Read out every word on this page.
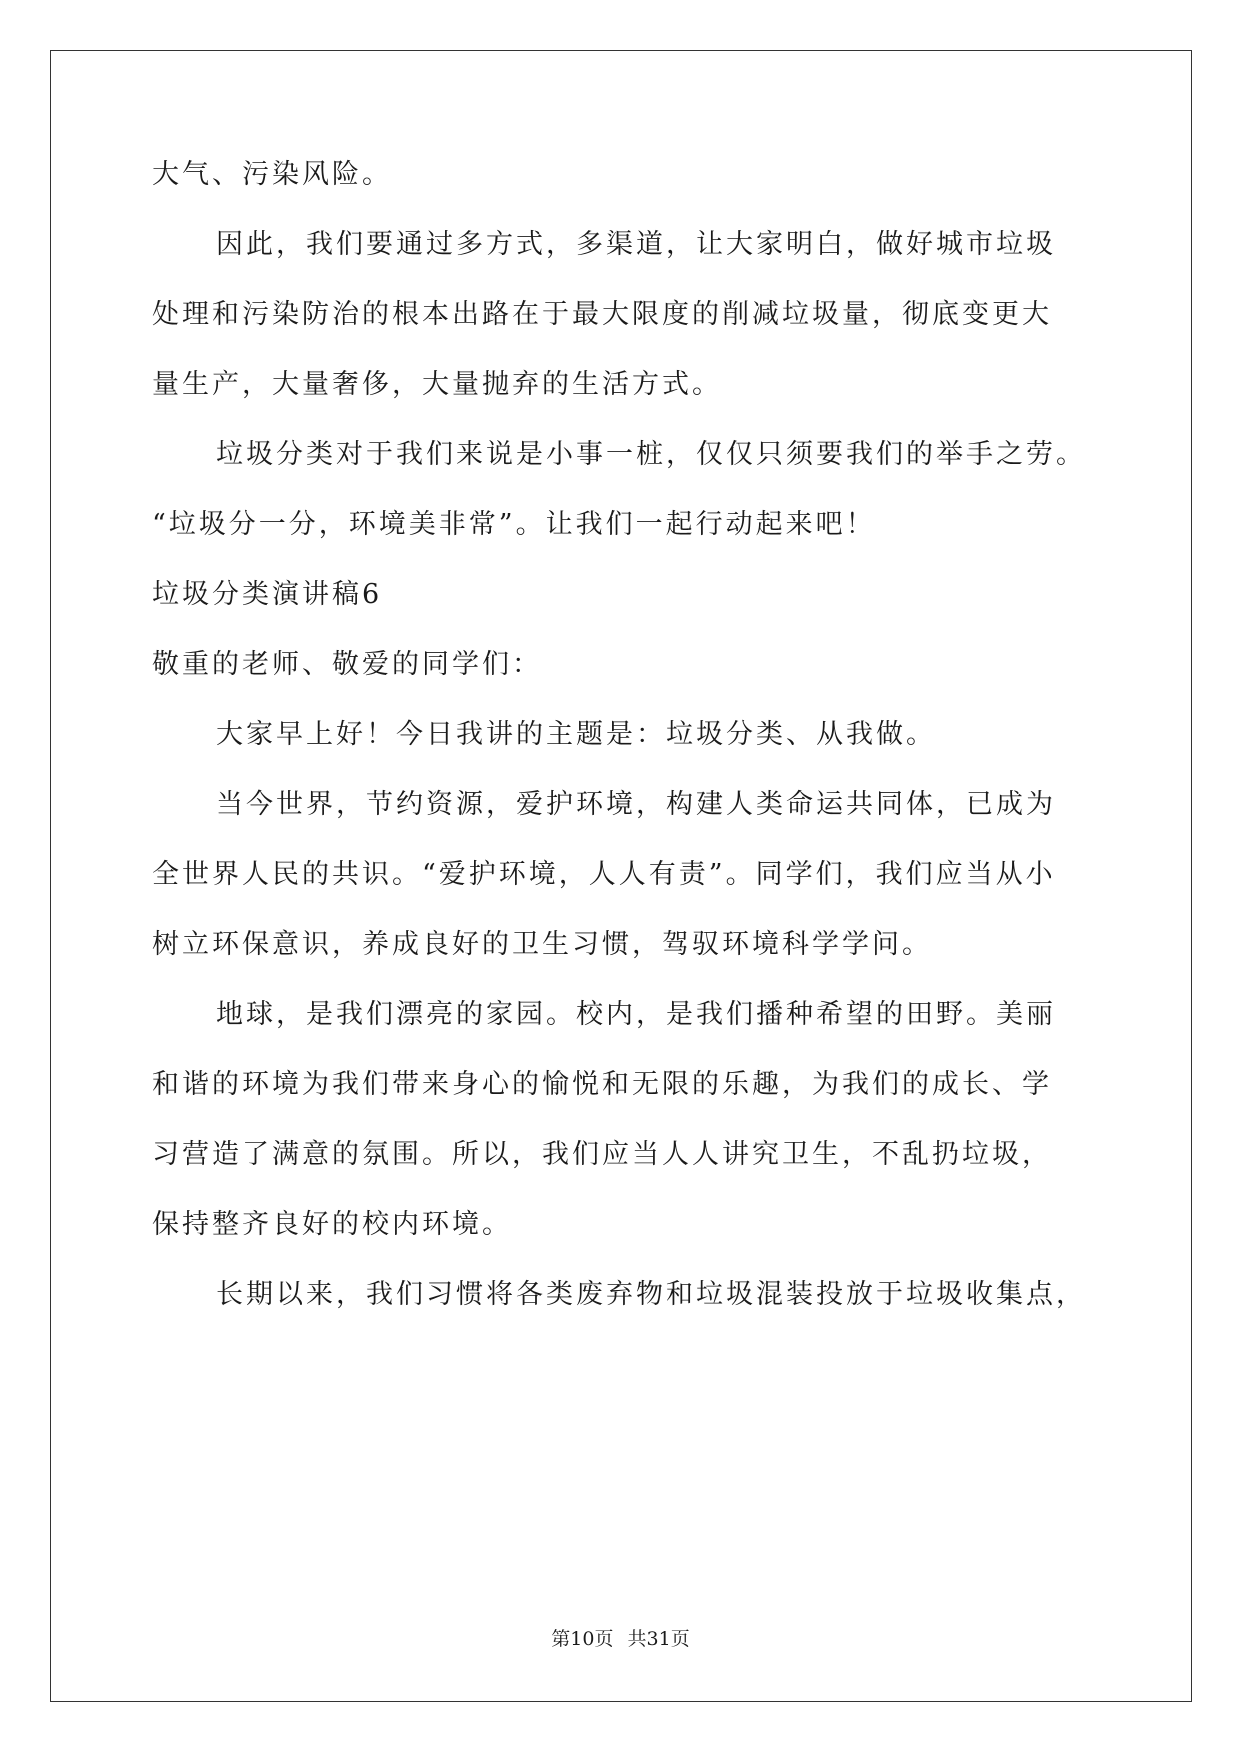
大气、污染风险。
因此，我们要通过多方式，多渠道，让大家明白，做好城市垃圾
处理和污染防治的根本出路在于最大限度的削减垃圾量，彻底变更大
量生产，大量奢侈，大量抛弃的生活方式。
垃圾分类对于我们来说是小事一桩，仅仅只须要我们的举手之劳。
“垃圾分一分，环境美非常”。让我们一起行动起来吧！
垃圾分类演讲稿6
敬重的老师、敬爱的同学们：
大家早上好！今日我讲的主题是：垃圾分类、从我做。
当今世界，节约资源，爱护环境，构建人类命运共同体，已成为
全世界人民的共识。“爱护环境，人人有责”。同学们，我们应当从小
树立环保意识，养成良好的卫生习惯，驾驭环境科学学问。
地球，是我们漂亮的家园。校内，是我们播种希望的田野。美丽
和谐的环境为我们带来身心的愉悦和无限的乐趣，为我们的成长、学
习营造了满意的氛围。所以，我们应当人人讲究卫生，不乱扔垃圾，
保持整齐良好的校内环境。
长期以来，我们习惯将各类废弃物和垃圾混装投放于垃圾收集点，
第10页 共31页
